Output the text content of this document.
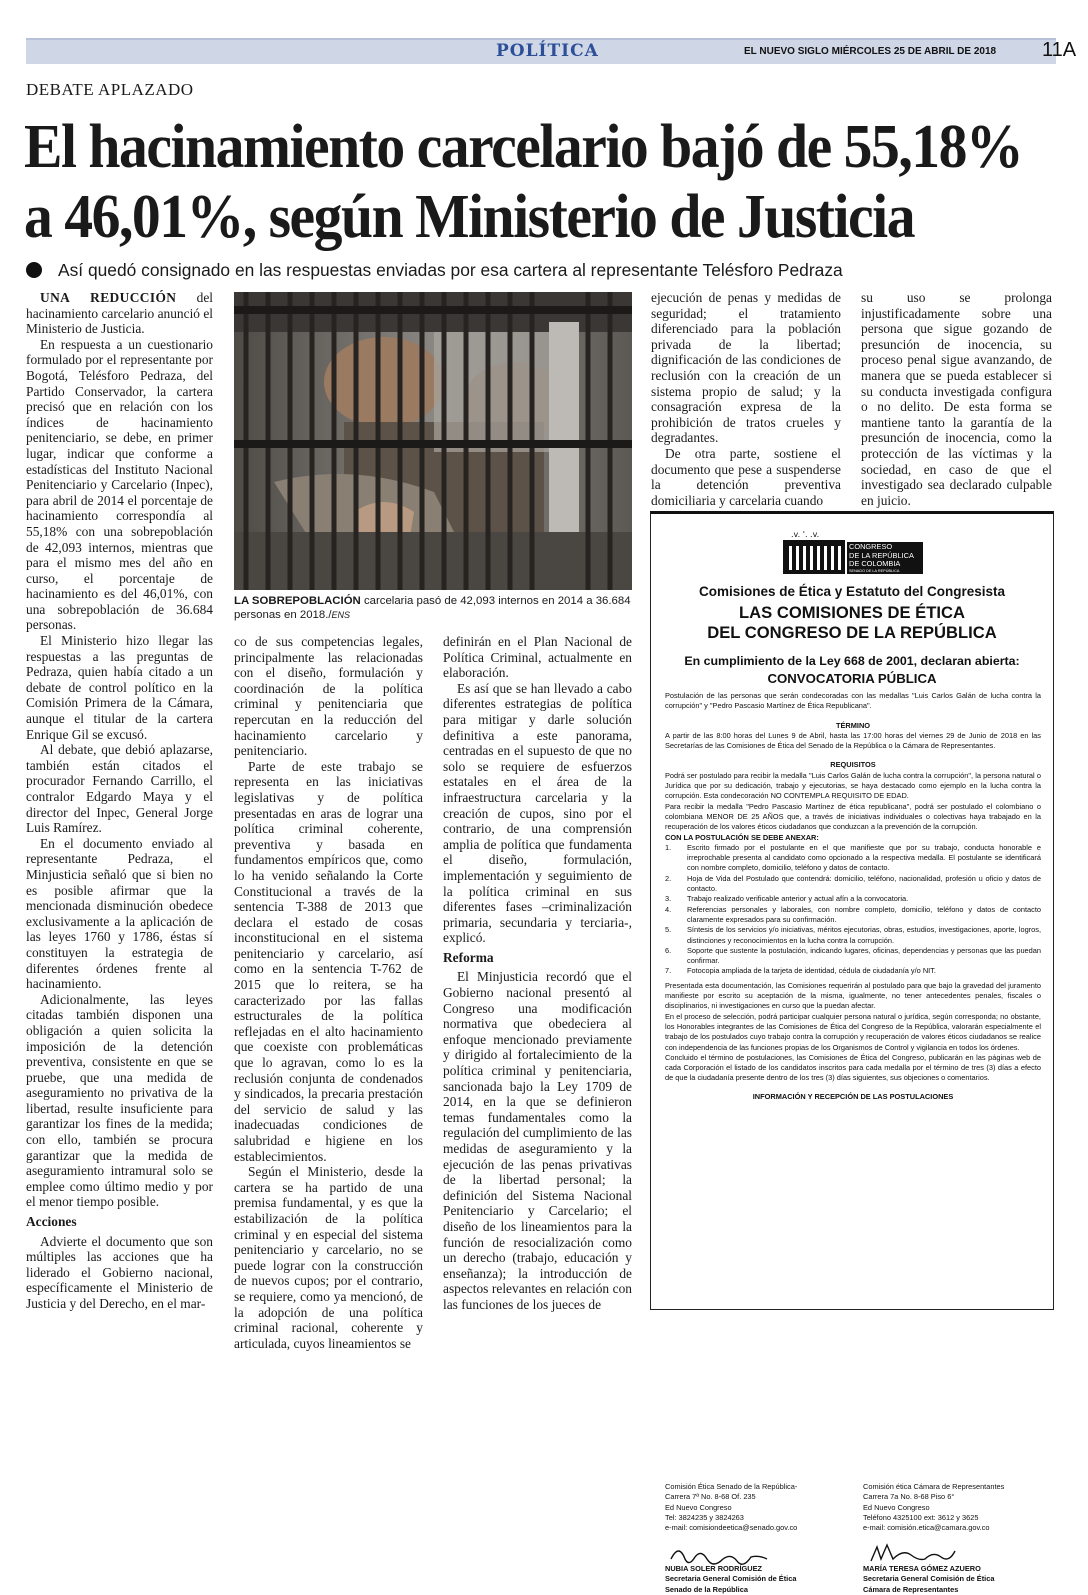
POLÍTICA	EL NUEVO SIGLO MIÉRCOLES 25 DE ABRIL DE 2018 11A
DEBATE APLAZADO
El hacinamiento carcelario bajó de 55,18%
a 46,01%, según Ministerio de Justicia
Así quedó consignado en las respuestas enviadas por esa cartera al representante Telésforo Pedraza

UNA REDUCCIÓN del hacinamiento carcelario anunció el Ministerio de Justicia.

En respuesta a un cuestionario formulado por el representante por Bogotá, Telésforo Pedraza, del Partido Conservador, la cartera precisó que en relación con los índices de hacinamiento penitenciario, se debe, en primer lugar, indicar que conforme a estadísticas del Instituto Nacional Penitenciario y Carcelario (Inpec), para abril de 2014 el porcentaje de hacinamiento correspondía al 55,18% con una sobrepoblación de 42,093 internos, mientras que para el mismo mes del año en curso, el porcentaje de hacinamiento es del 46,01%, con una sobrepoblación de 36.684 personas.

El Ministerio hizo llegar las respuestas a las preguntas de Pedraza, quien había citado a un debate de control político en la Comisión Primera de la Cámara, aunque el titular de la cartera Enrique Gil se excusó.

Al debate, que debió aplazarse, también están citados el procurador Fernando Carrillo, el contralor Edgardo Maya y el director del Inpec, General Jorge Luis Ramírez.

En el documento enviado al representante Pedraza, el Minjusticia señaló que si bien no es posible afirmar que la mencionada disminución obedece exclusivamente a la aplicación de las leyes 1760 y 1786, éstas sí constituyen la estrategia de diferentes órdenes frente al hacinamiento.

Adicionalmente, las leyes citadas también disponen una obligación a quien solicita la imposición de la detención preventiva, consistente en que se pruebe, que una medida de aseguramiento no privativa de la libertad, resulte insuficiente para garantizar los fines de la medida; con ello, también se procura garantizar que la medida de aseguramiento intramural solo se emplee como último medio y por el menor tiempo posible.

Acciones

Advierte el documento que son múltiples las acciones que ha liderado el Gobierno nacional, específicamente el Ministerio de Justicia y del Derecho, en el mar-

LA SOBREPOBLACIÓN carcelaria pasó de 42,093 internos en 2014 a 36.684 personas en 2018./ENS

co de sus competencias legales, principalmente las relacionadas con el diseño, formulación y coordinación de la política criminal y penitenciaria que repercutan en la reducción del hacinamiento carcelario y penitenciario.

Parte de este trabajo se representa en las iniciativas legislativas y de política presentadas en aras de lograr una política criminal coherente, preventiva y basada en fundamentos empíricos que, como lo ha venido señalando la Corte Constitucional a través de la sentencia T-388 de 2013 que declara el estado de cosas inconstitucional en el sistema penitenciario y carcelario, así como en la sentencia T-762 de 2015 que lo reitera, se ha caracterizado por las fallas estructurales de la política reflejadas en el alto hacinamiento que coexiste con problemáticas que lo agravan, como lo es la reclusión conjunta de condenados y sindicados, la precaria prestación del servicio de salud y las inadecuadas condiciones de salubridad e higiene en los establecimientos.

Según el Ministerio, desde la cartera se ha partido de una premisa fundamental, y es que la estabilización de la política criminal y en especial del sistema penitenciario y carcelario, no se puede lograr con la construcción de nuevos cupos; por el contrario, se requiere, como ya mencionó, de la adopción de una política criminal racional, coherente y articulada, cuyos lineamientos se

definirán en el Plan Nacional de Política Criminal, actualmente en elaboración.

Es así que se han llevado a cabo diferentes estrategias de política para mitigar y darle solución definitiva a este panorama, centradas en el supuesto de que no solo se requiere de esfuerzos estatales en el área de la infraestructura carcelaria y la creación de cupos, sino por el contrario, de una comprensión amplia de política que fundamenta el diseño, formulación, implementación y seguimiento de la política criminal en sus diferentes fases –criminalización primaria, secundaria y terciaria-, explicó.

Reforma

El Minjusticia recordó que el Gobierno nacional presentó al Congreso una modificación normativa que obedeciera al enfoque mencionado previamente y dirigido al fortalecimiento de la política criminal y penitenciaria, sancionada bajo la Ley 1709 de 2014, en la que se definieron temas fundamentales como la regulación del cumplimiento de las medidas de aseguramiento y la ejecución de las penas privativas de la libertad personal; la definición del Sistema Nacional Penitenciario y Carcelario; el diseño de los lineamientos para la función de resocialización como un derecho (trabajo, educación y enseñanza); la introducción de aspectos relevantes en relación con las funciones de los jueces de

ejecución de penas y medidas de seguridad; el tratamiento diferenciado para la población privada de la libertad; dignificación de las condiciones de reclusión con la creación de un sistema propio de salud; y la consagración expresa de la prohibición de tratos crueles y degradantes.

De otra parte, sostiene el documento que pese a suspenderse la detención preventiva domiciliaria y carcelaria cuando

su uso se prolonga injustificadamente sobre una persona que sigue gozando de presunción de inocencia, su proceso penal sigue avanzando, de manera que se pueda establecer si su conducta investigada configura o no delito. De esta forma se mantiene tanto la garantía de la presunción de inocencia, como la protección de las víctimas y la sociedad, en caso de que el investigado sea declarado culpable en juicio.

.v. '. .v.
CONGRESO
DE LA REPÚBLICA
DE COLOMBIA
SENADO DE LA REPÚBLICA
Comisiones de Ética y Estatuto del Congresista
LAS COMISIONES DE ÉTICA
DEL CONGRESO DE LA REPÚBLICA
En cumplimiento de la Ley 668 de 2001, declaran abierta:
CONVOCATORIA PÚBLICA
Postulación de las personas que serán condecoradas con las medallas "Luis Carlos Galán de lucha contra la corrupción" y "Pedro Pascasio Martínez de Ética Republicana".
TÉRMINO
A partir de las 8:00 horas del Lunes 9 de Abril, hasta las 17:00 horas del viernes 29 de Junio de 2018 en las Secretarías de las Comisiones de Ética del Senado de la República o la Cámara de Representantes.
REQUISITOS
Podrá ser postulado para recibir la medalla "Luis Carlos Galán de lucha contra la corrupción", la persona natural o Jurídica que por su dedicación, trabajo y ejecutorias, se haya destacado como ejemplo en la lucha contra la corrupción. Esta condecoración NO CONTEMPLA REQUISITO DE EDAD.
Para recibir la medalla "Pedro Pascasio Martínez de ética republicana", podrá ser postulado el colombiano o colombiana MENOR DE 25 AÑOS que, a través de iniciativas individuales o colectivas haya trabajado en la recuperación de los valores éticos ciudadanos que conduzcan a la prevención de la corrupción.
CON LA POSTULACIÓN SE DEBE ANEXAR:
1. Escrito firmado por el postulante en el que manifieste que por su trabajo, conducta honorable e irreprochable presenta al candidato como opcionado a la respectiva medalla. El postulante se identificará con nombre completo, domicilio, teléfono y datos de contacto.
2. Hoja de Vida del Postulado que contendrá: domicilio, teléfono, nacionalidad, profesión u oficio y datos de contacto.
3. Trabajo realizado verificable anterior y actual afín a la convocatoria.
4. Referencias personales y laborales, con nombre completo, domicilio, teléfono y datos de contacto claramente expresados para su confirmación.
5. Síntesis de los servicios y/o iniciativas, méritos ejecutorias, obras, estudios, investigaciones, aporte, logros, distinciones y reconocimientos en la lucha contra la corrupción.
6. Soporte que sustente la postulación, indicando lugares, oficinas, dependencias y personas que las puedan confirmar.
7. Fotocopia ampliada de la tarjeta de identidad, cédula de ciudadanía y/o NIT.
Presentada esta documentación, las Comisiones requerirán al postulado para que bajo la gravedad del juramento manifieste por escrito su aceptación de la misma, igualmente, no tener antecedentes penales, fiscales o disciplinarios, ni investigaciones en curso que la puedan afectar.
En el proceso de selección, podrá participar cualquier persona natural o jurídica, según corresponda; no obstante, los Honorables integrantes de las Comisiones de Ética del Congreso de la República, valorarán especialmente el trabajo de los postulados cuyo trabajo contra la corrupción y recuperación de valores éticos ciudadanos se realice con independencia de las funciones propias de los Organismos de Control y vigilancia en todos los órdenes.
Concluido el término de postulaciones, las Comisiones de Ética del Congreso, publicarán en las páginas web de cada Corporación el listado de los candidatos inscritos para cada medalla por el término de tres (3) días a efecto de que la ciudadanía presente dentro de los tres (3) días siguientes, sus objeciones o comentarios.
INFORMACIÓN Y RECEPCIÓN DE LAS POSTULACIONES
Comisión Ética Senado de la República-
Carrera 7ª No. 8-68 Of. 235
Ed Nuevo Congreso
Tel: 3824235 y 3824263
e-mail: comisiondeetica@senado.gov.co
Comisión ética Cámara de Representantes
Carrera 7a No. 8-68 Piso 6°
Ed Nuevo Congreso
Teléfono 4325100 ext: 3612 y 3625
e-mail: comisión.etica@camara.gov.co
NUBIA SOLER RODRÍGUEZ
Secretaria General Comisión de Ética
Senado de la República
MARÍA TERESA GÓMEZ AZUERO
Secretaria General Comisión de Ética
Cámara de Representantes
